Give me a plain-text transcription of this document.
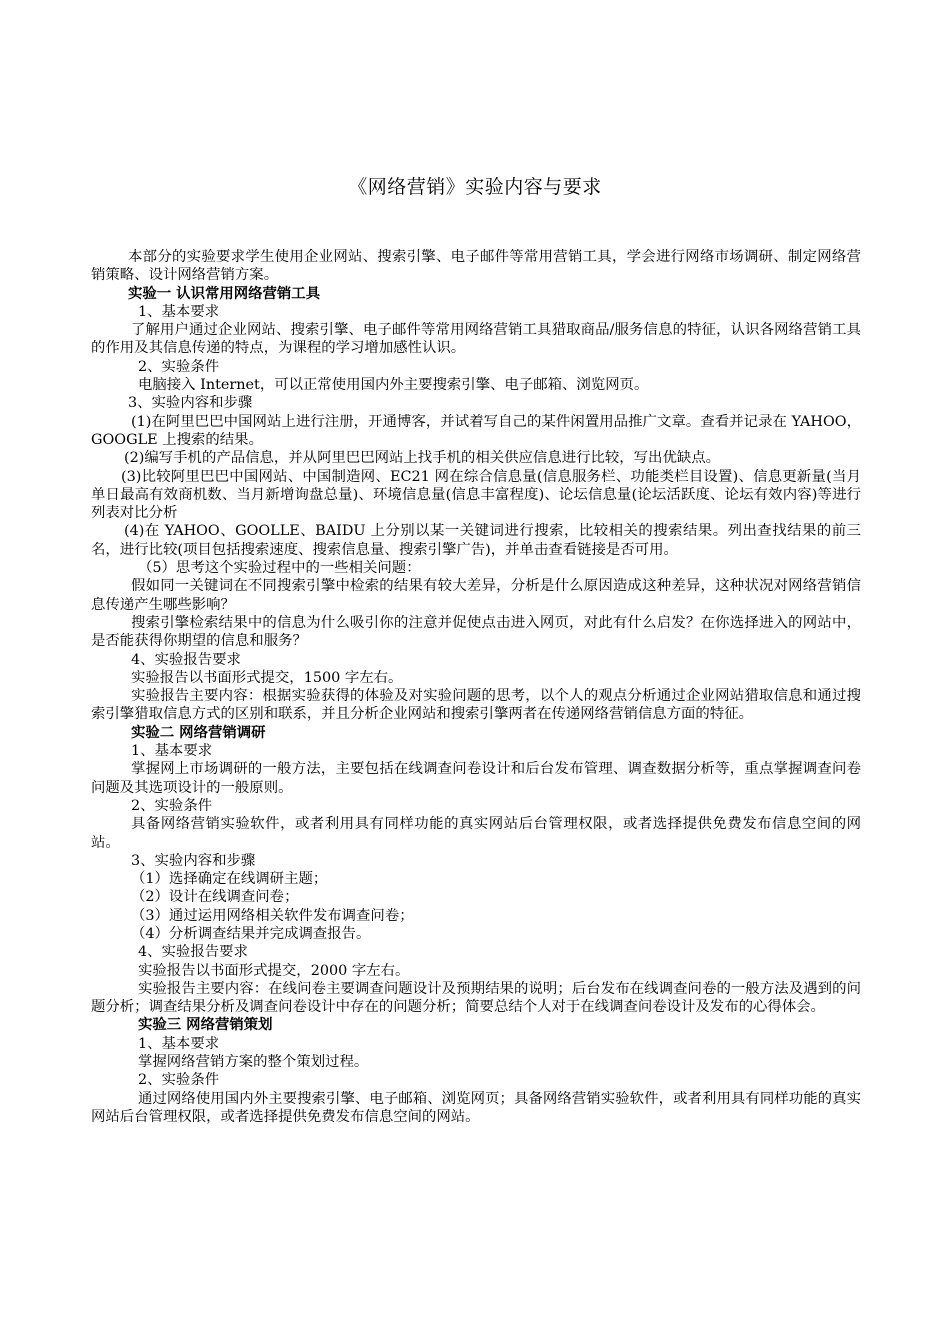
《网络营销》实验内容与要求

本部分的实验要求学生使用企业网站、搜索引擎、电子邮件等常用营销工具，学会进行网络市场调研、制定网络营销策略、设计网络营销方案。

实验一 认识常用网络营销工具

1、基本要求

了解用户通过企业网站、搜索引擎、电子邮件等常用网络营销工具猎取商品/服务信息的特征，认识各网络营销工具的作用及其信息传递的特点，为课程的学习增加感性认识。

2、实验条件

电脑接入 Internet，可以正常使用国内外主要搜索引擎、电子邮箱、浏览网页。

3、实验内容和步骤

(1)在阿里巴巴中国网站上进行注册，开通博客，并试着写自己的某件闲置用品推广文章。查看并记录在 YAHOO，GOOGLE 上搜索的结果。

(2)编写手机的产品信息，并从阿里巴巴网站上找手机的相关供应信息进行比较，写出优缺点。

(3)比较阿里巴巴中国网站、中国制造网、EC21 网在综合信息量(信息服务栏、功能类栏目设置)、信息更新量(当月单日最高有效商机数、当月新增询盘总量)、环境信息量(信息丰富程度)、论坛信息量(论坛活跃度、论坛有效内容)等进行列表对比分析

(4)在 YAHOO、GOOLLE、BAIDU 上分别以某一关键词进行搜索，比较相关的搜索结果。列出查找结果的前三名，进行比较(项目包括搜索速度、搜索信息量、搜索引擎广告)，并单击查看链接是否可用。

（5）思考这个实验过程中的一些相关问题：

假如同一关键词在不同搜索引擎中检索的结果有较大差异，分析是什么原因造成这种差异，这种状况对网络营销信息传递产生哪些影响？

搜索引擎检索结果中的信息为什么吸引你的注意并促使点击进入网页，对此有什么启发？在你选择进入的网站中，是否能获得你期望的信息和服务？

4、实验报告要求

实验报告以书面形式提交，1500 字左右。

实验报告主要内容：根据实验获得的体验及对实验问题的思考，以个人的观点分析通过企业网站猎取信息和通过搜索引擎猎取信息方式的区别和联系，并且分析企业网站和搜索引擎两者在传递网络营销信息方面的特征。

实验二 网络营销调研

1、基本要求

掌握网上市场调研的一般方法，主要包括在线调查问卷设计和后台发布管理、调查数据分析等，重点掌握调查问卷问题及其选项设计的一般原则。

2、实验条件

具备网络营销实验软件，或者利用具有同样功能的真实网站后台管理权限，或者选择提供免费发布信息空间的网站。

3、实验内容和步骤

（1）选择确定在线调研主题；

（2）设计在线调查问卷；

（3）通过运用网络相关软件发布调查问卷；

（4）分析调查结果并完成调查报告。

4、实验报告要求

实验报告以书面形式提交，2000 字左右。

实验报告主要内容：在线问卷主要调查问题设计及预期结果的说明；后台发布在线调查问卷的一般方法及遇到的问题分析；调查结果分析及调查问卷设计中存在的问题分析；简要总结个人对于在线调查问卷设计及发布的心得体会。

实验三 网络营销策划

1、基本要求

掌握网络营销方案的整个策划过程。

2、实验条件

通过网络使用国内外主要搜索引擎、电子邮箱、浏览网页；具备网络营销实验软件，或者利用具有同样功能的真实网站后台管理权限，或者选择提供免费发布信息空间的网站。
